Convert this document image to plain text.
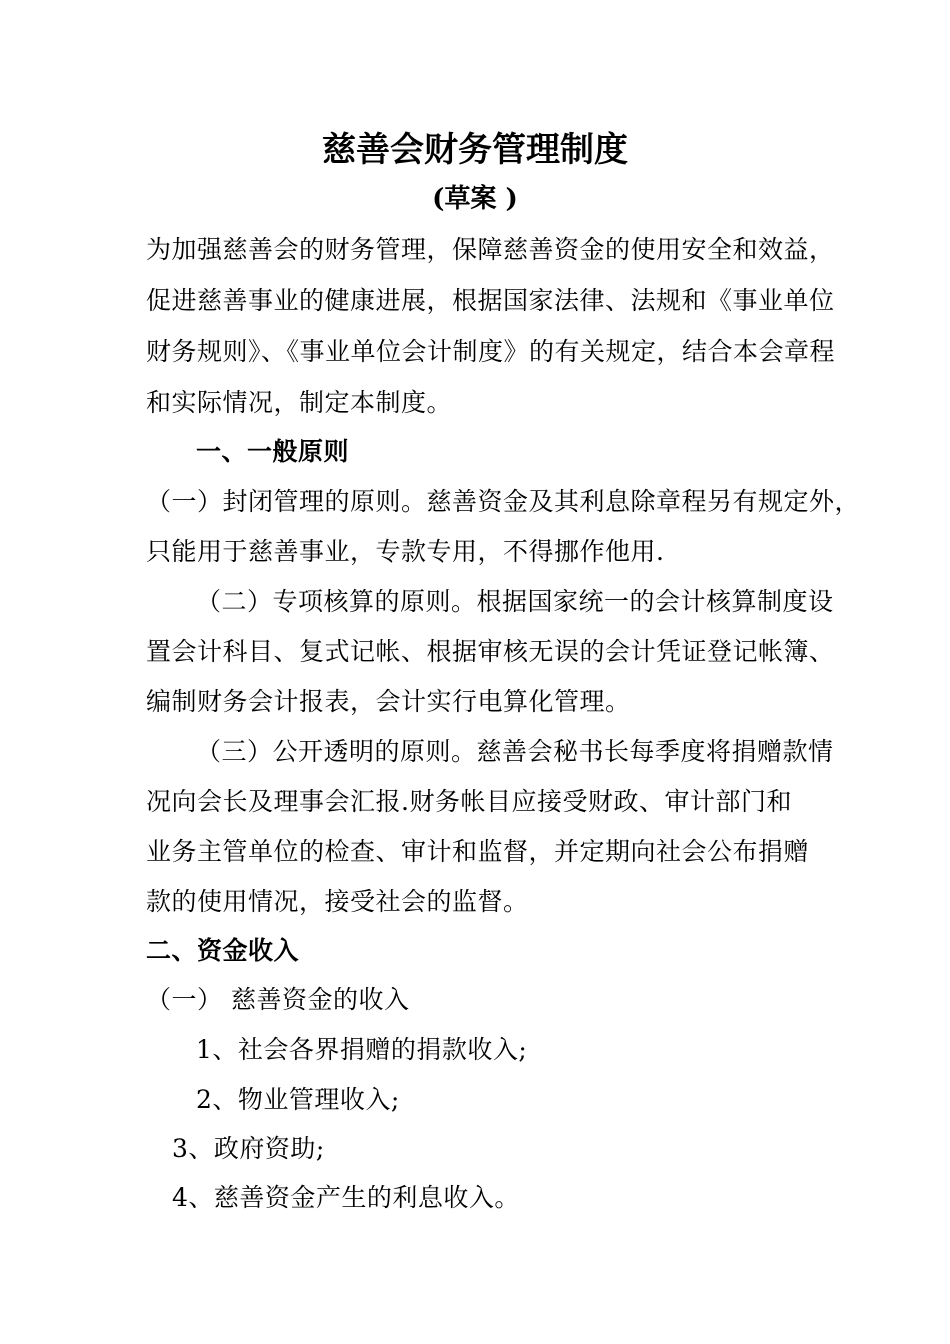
慈善会财务管理制度
(草案 )
为加强慈善会的财务管理，保障慈善资金的使用安全和效益，
促进慈善事业的健康进展，根据国家法律、法规和《事业单位
财务规则》、《事业单位会计制度》的有关规定，结合本会章程
和实际情况，制定本制度。
一、一般原则
（一）封闭管理的原则。慈善资金及其利息除章程另有规定外，
只能用于慈善事业，专款专用，不得挪作他用.
（二）专项核算的原则。根据国家统一的会计核算制度设
置会计科目、复式记帐、根据审核无误的会计凭证登记帐簿、
编制财务会计报表，会计实行电算化管理。
（三）公开透明的原则。慈善会秘书长每季度将捐赠款情
况向会长及理事会汇报.财务帐目应接受财政、审计部门和
业务主管单位的检查、审计和监督，并定期向社会公布捐赠
款的使用情况，接受社会的监督。
二、资金收入
（一） 慈善资金的收入
1、社会各界捐赠的捐款收入;
2、物业管理收入;
3、政府资助;
4、慈善资金产生的利息收入。
